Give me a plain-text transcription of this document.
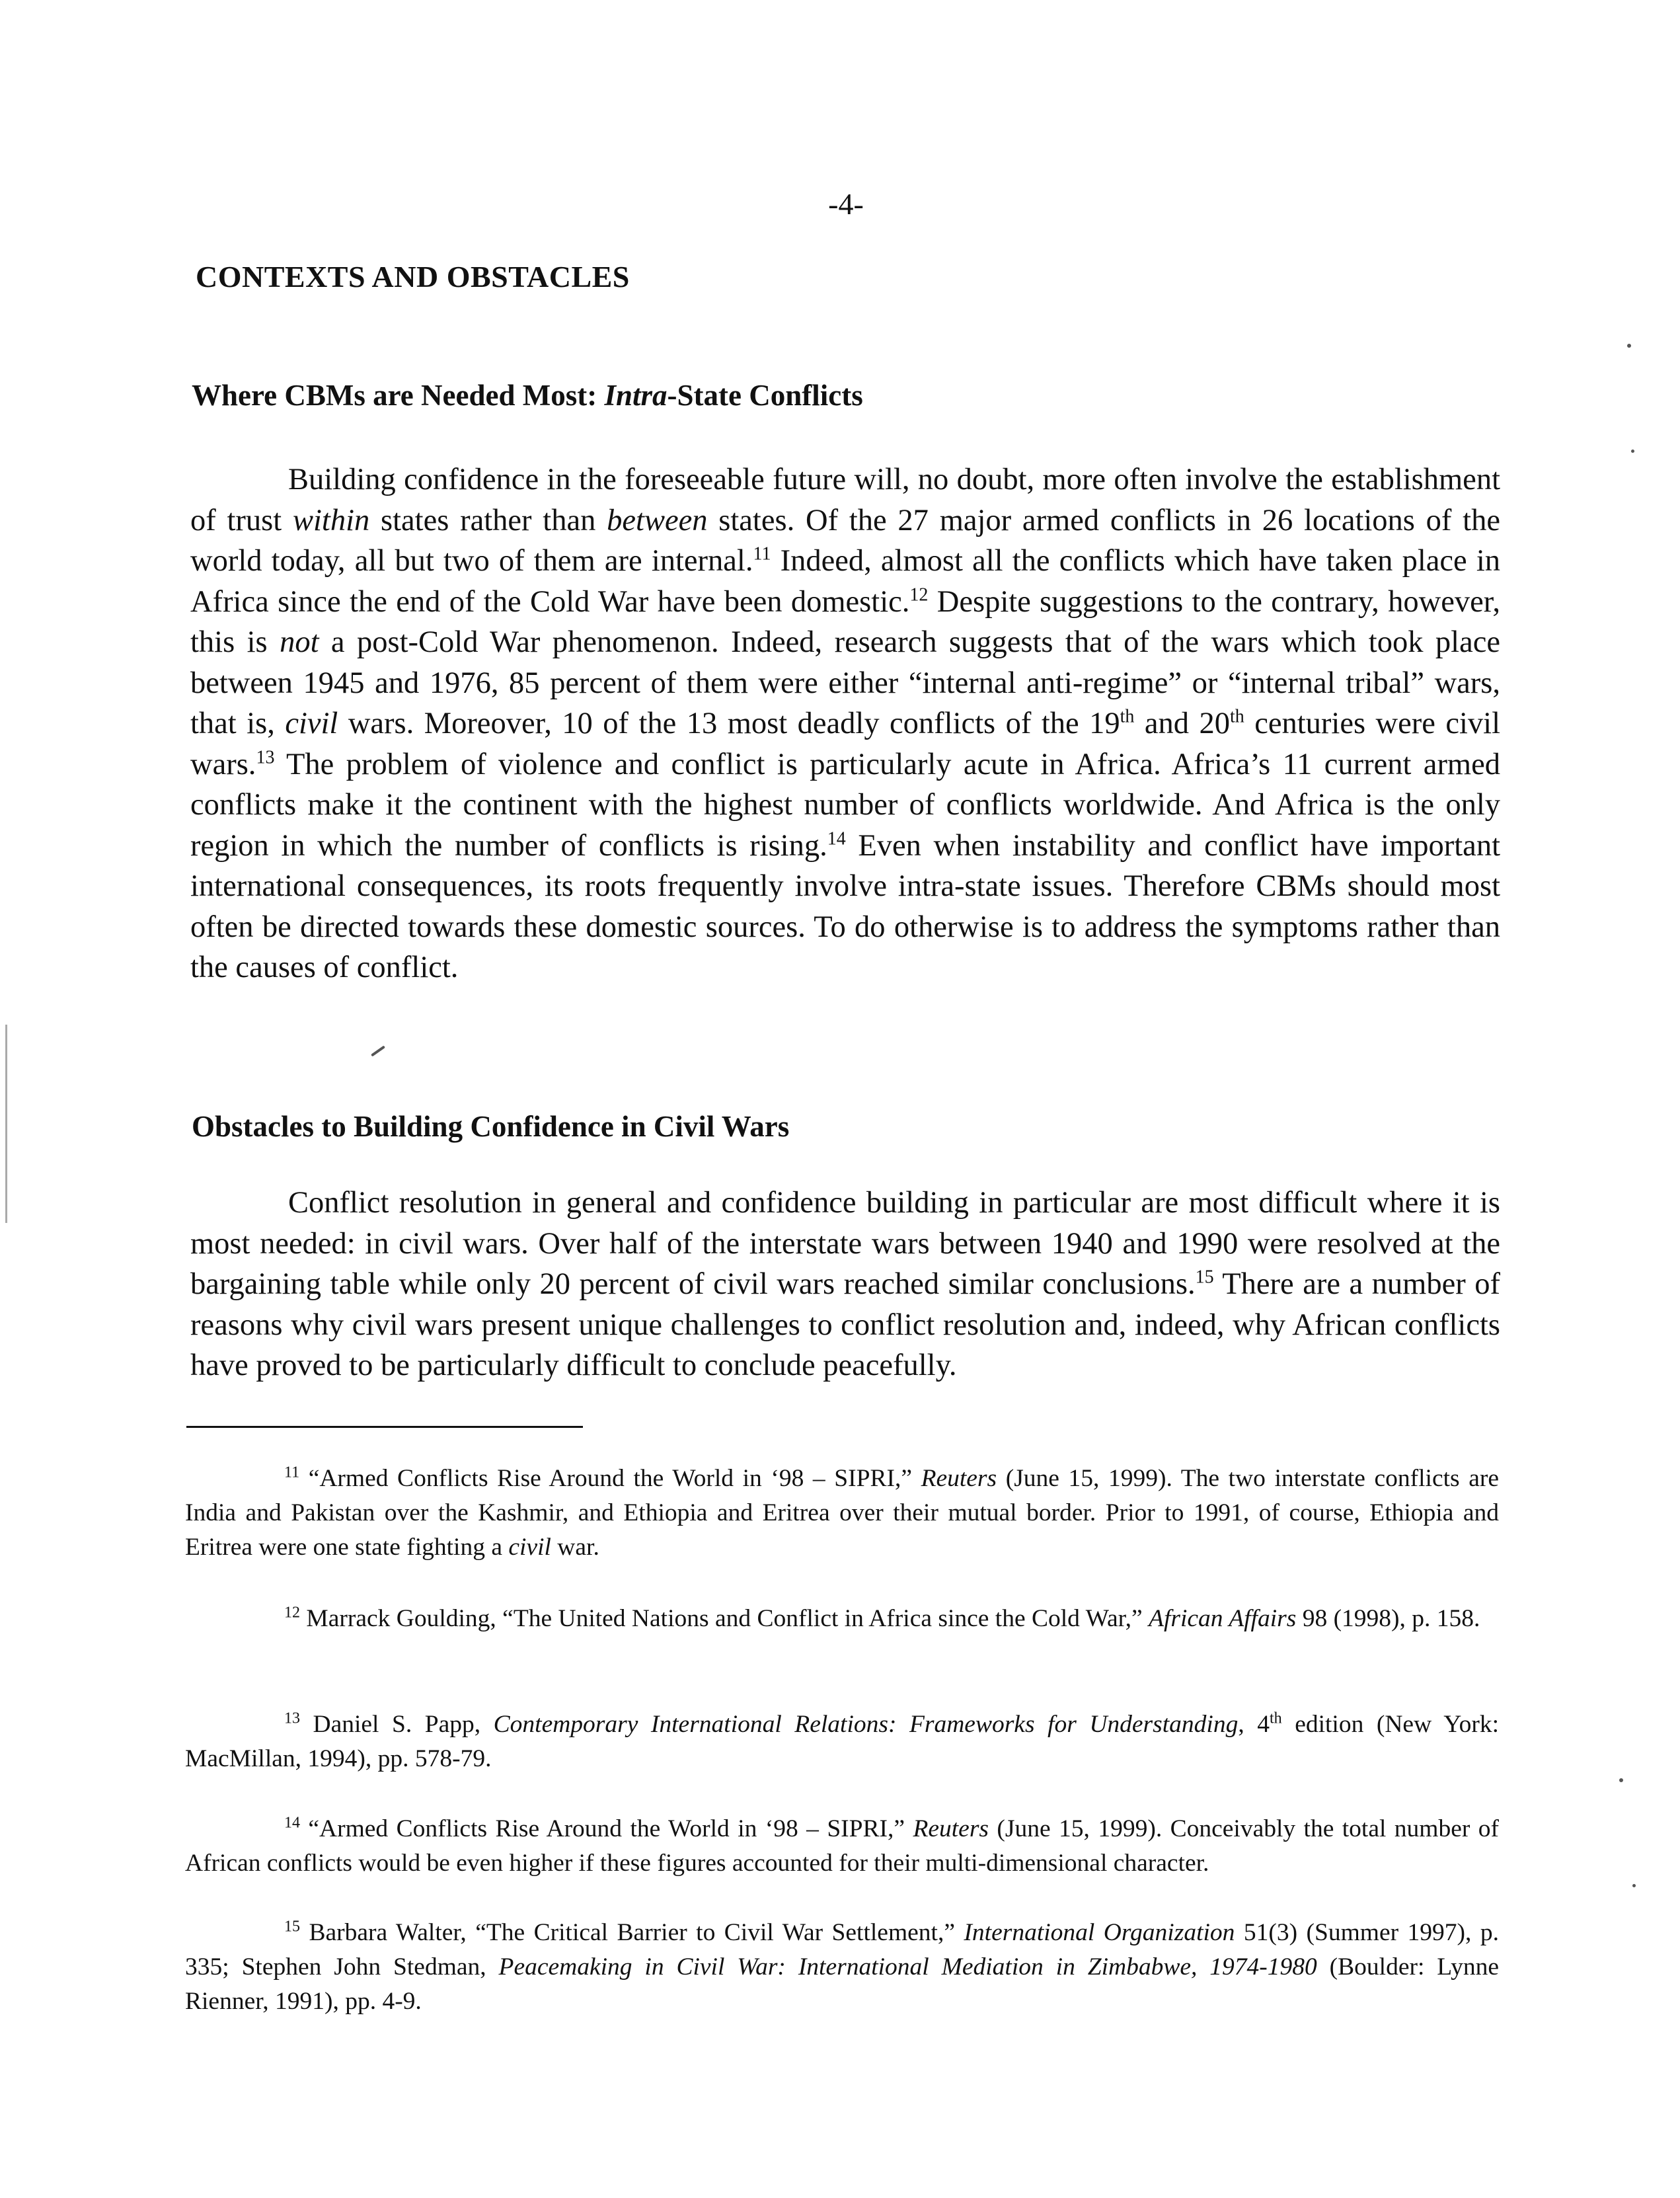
-4-
CONTEXTS AND OBSTACLES
Where CBMs are Needed Most: Intra-State Conflicts

Building confidence in the foreseeable future will, no doubt, more often involve the establishment of trust within states rather than between states. Of the 27 major armed conflicts in 26 locations of the world today, all but two of them are internal.$^{11}$ Indeed, almost all the conflicts which have taken place in Africa since the end of the Cold War have been domestic.$^{12}$ Despite suggestions to the contrary, however, this is not a post-Cold War phenomenon. Indeed, research suggests that of the wars which took place between 1945 and 1976, 85 percent of them were either “internal anti-regime” or “internal tribal” wars, that is, civil wars. Moreover, 10 of the 13 most deadly conflicts of the 19th and 20th centuries were civil wars.$^{13}$ The problem of violence and conflict is particularly acute in Africa. Africa’s 11 current armed conflicts make it the continent with the highest number of conflicts worldwide. And Africa is the only region in which the number of conflicts is rising.$^{14}$ Even when instability and conflict have important international consequences, its roots frequently involve intra-state issues. Therefore CBMs should most often be directed towards these domestic sources. To do otherwise is to address the symptoms rather than the causes of conflict.

Obstacles to Building Confidence in Civil Wars

Conflict resolution in general and confidence building in particular are most difficult where it is most needed: in civil wars. Over half of the interstate wars between 1940 and 1990 were resolved at the bargaining table while only 20 percent of civil wars reached similar conclusions.$^{15}$ There are a number of reasons why civil wars present unique challenges to conflict resolution and, indeed, why African conflicts have proved to be particularly difficult to conclude peacefully.

$^{11}$ “Armed Conflicts Rise Around the World in ‘98 – SIPRI,” Reuters (June 15, 1999). The two interstate conflicts are India and Pakistan over the Kashmir, and Ethiopia and Eritrea over their mutual border. Prior to 1991, of course, Ethiopia and Eritrea were one state fighting a civil war.

$^{12}$ Marrack Goulding, “The United Nations and Conflict in Africa since the Cold War,” African Affairs 98 (1998), p. 158.

$^{13}$ Daniel S. Papp, Contemporary International Relations: Frameworks for Understanding, 4th edition (New York: MacMillan, 1994), pp. 578-79.

$^{14}$ “Armed Conflicts Rise Around the World in ‘98 – SIPRI,” Reuters (June 15, 1999). Conceivably the total number of African conflicts would be even higher if these figures accounted for their multi-dimensional character.

$^{15}$ Barbara Walter, “The Critical Barrier to Civil War Settlement,” International Organization 51(3) (Summer 1997), p. 335; Stephen John Stedman, Peacemaking in Civil War: International Mediation in Zimbabwe, 1974-1980 (Boulder: Lynne Rienner, 1991), pp. 4-9.
